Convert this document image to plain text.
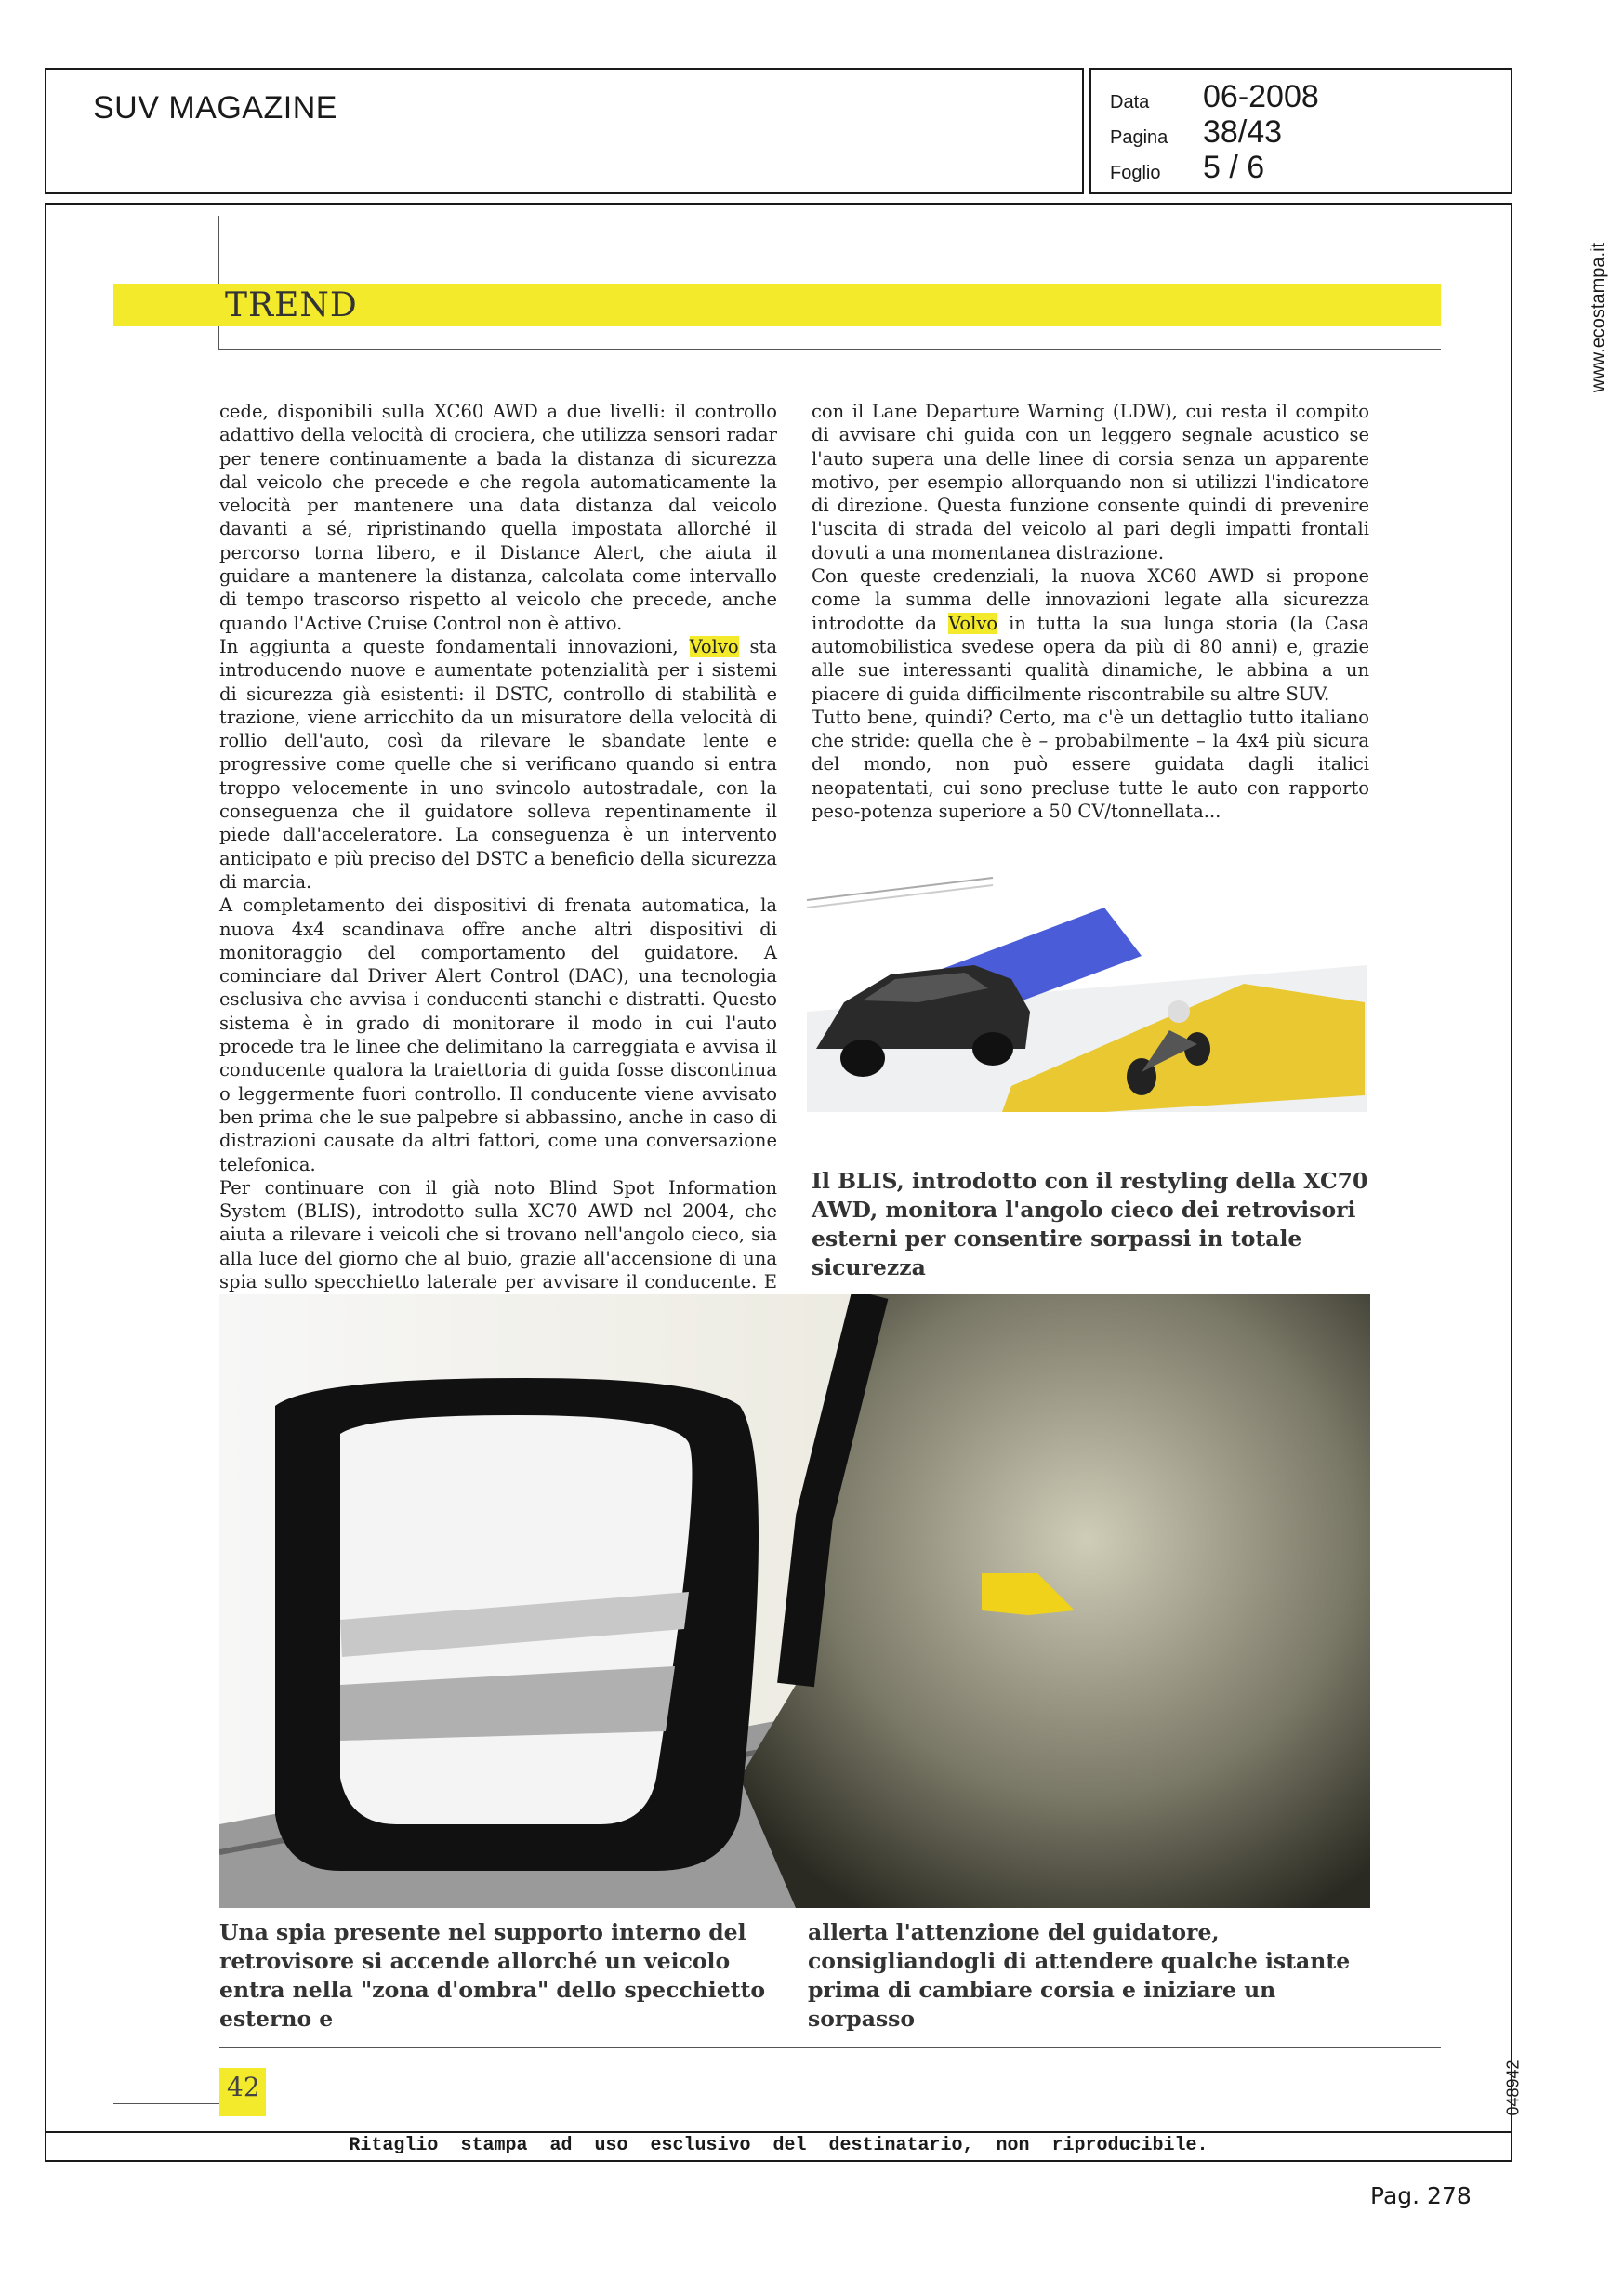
SUV MAGAZINE	Data	06-2008
Pagina	38/43
Foglio	5 / 6
www.ecostampa.it
048942
TREND

cede, disponibili sulla XC60 AWD a due livelli: il controllo adattivo della velocità di crociera, che utilizza sensori radar per tenere continuamente a bada la distanza di sicurezza dal veicolo che precede e che regola automaticamente la velocità per mantenere una data distanza dal veicolo davanti a sé, ripristinando quella impostata allorché il percorso torna libero, e il Distance Alert, che aiuta il guidare a mantenere la distanza, calcolata come intervallo di tempo trascorso rispetto al veicolo che precede, anche quando l'Active Cruise Control non è attivo.

In aggiunta a queste fondamentali innovazioni, Volvo sta introducendo nuove e aumentate potenzialità per i sistemi di sicurezza già esistenti: il DSTC, controllo di stabilità e trazione, viene arricchito da un misuratore della velocità di rollio dell'auto, così da rilevare le sbandate lente e progressive come quelle che si verificano quando si entra troppo velocemente in uno svincolo autostradale, con la conseguenza che il guidatore solleva repentinamente il piede dall'acceleratore. La conseguenza è un intervento anticipato e più preciso del DSTC a beneficio della sicurezza di marcia.

A completamento dei dispositivi di frenata automatica, la nuova 4x4 scandinava offre anche altri dispositivi di monitoraggio del comportamento del guidatore. A cominciare dal Driver Alert Control (DAC), una tecnologia esclusiva che avvisa i conducenti stanchi e distratti. Questo sistema è in grado di monitorare il modo in cui l'auto procede tra le linee che delimitano la carreggiata e avvisa il conducente qualora la traiettoria di guida fosse discontinua o leggermente fuori controllo. Il conducente viene avvisato ben prima che le sue palpebre si abbassino, anche in caso di distrazioni causate da altri fattori, come una conversazione telefonica.

Per continuare con il già noto Blind Spot Information System (BLIS), introdotto sulla XC70 AWD nel 2004, che aiuta a rilevare i veicoli che si trovano nell'angolo cieco, sia alla luce del giorno che al buio, grazie all'accensione di una spia sullo specchietto laterale per avvisare il conducente. E

con il Lane Departure Warning (LDW), cui resta il compito di avvisare chi guida con un leggero segnale acustico se l'auto supera una delle linee di corsia senza un apparente motivo, per esempio allorquando non si utilizzi l'indicatore di direzione. Questa funzione consente quindi di prevenire l'uscita di strada del veicolo al pari degli impatti frontali dovuti a una momentanea distrazione.

Con queste credenziali, la nuova XC60 AWD si propone come la summa delle innovazioni legate alla sicurezza introdotte da Volvo in tutta la sua lunga storia (la Casa automobilistica svedese opera da più di 80 anni) e, grazie alle sue interessanti qualità dinamiche, le abbina a un piacere di guida difficilmente riscontrabile su altre SUV.

Tutto bene, quindi? Certo, ma c'è un dettaglio tutto italiano che stride: quella che è – probabilmente – la 4x4 più sicura del mondo, non può essere guidata dagli italici neopatentati, cui sono precluse tutte le auto con rapporto peso-potenza superiore a 50 CV/tonnellata...

Il BLIS, introdotto con il restyling della XC70 AWD, monitora l'angolo cieco dei retrovisori esterni per consentire sorpassi in totale sicurezza
Una spia presente nel supporto interno del retrovisore si accende allorché un veicolo entra nella "zona d'ombra" dello specchietto esterno e
allerta l'attenzione del guidatore, consigliandogli di attendere qualche istante prima di cambiare corsia e iniziare un sorpasso
42
Ritaglio stampa ad uso esclusivo del destinatario, non riproducibile.
Pag. 278
